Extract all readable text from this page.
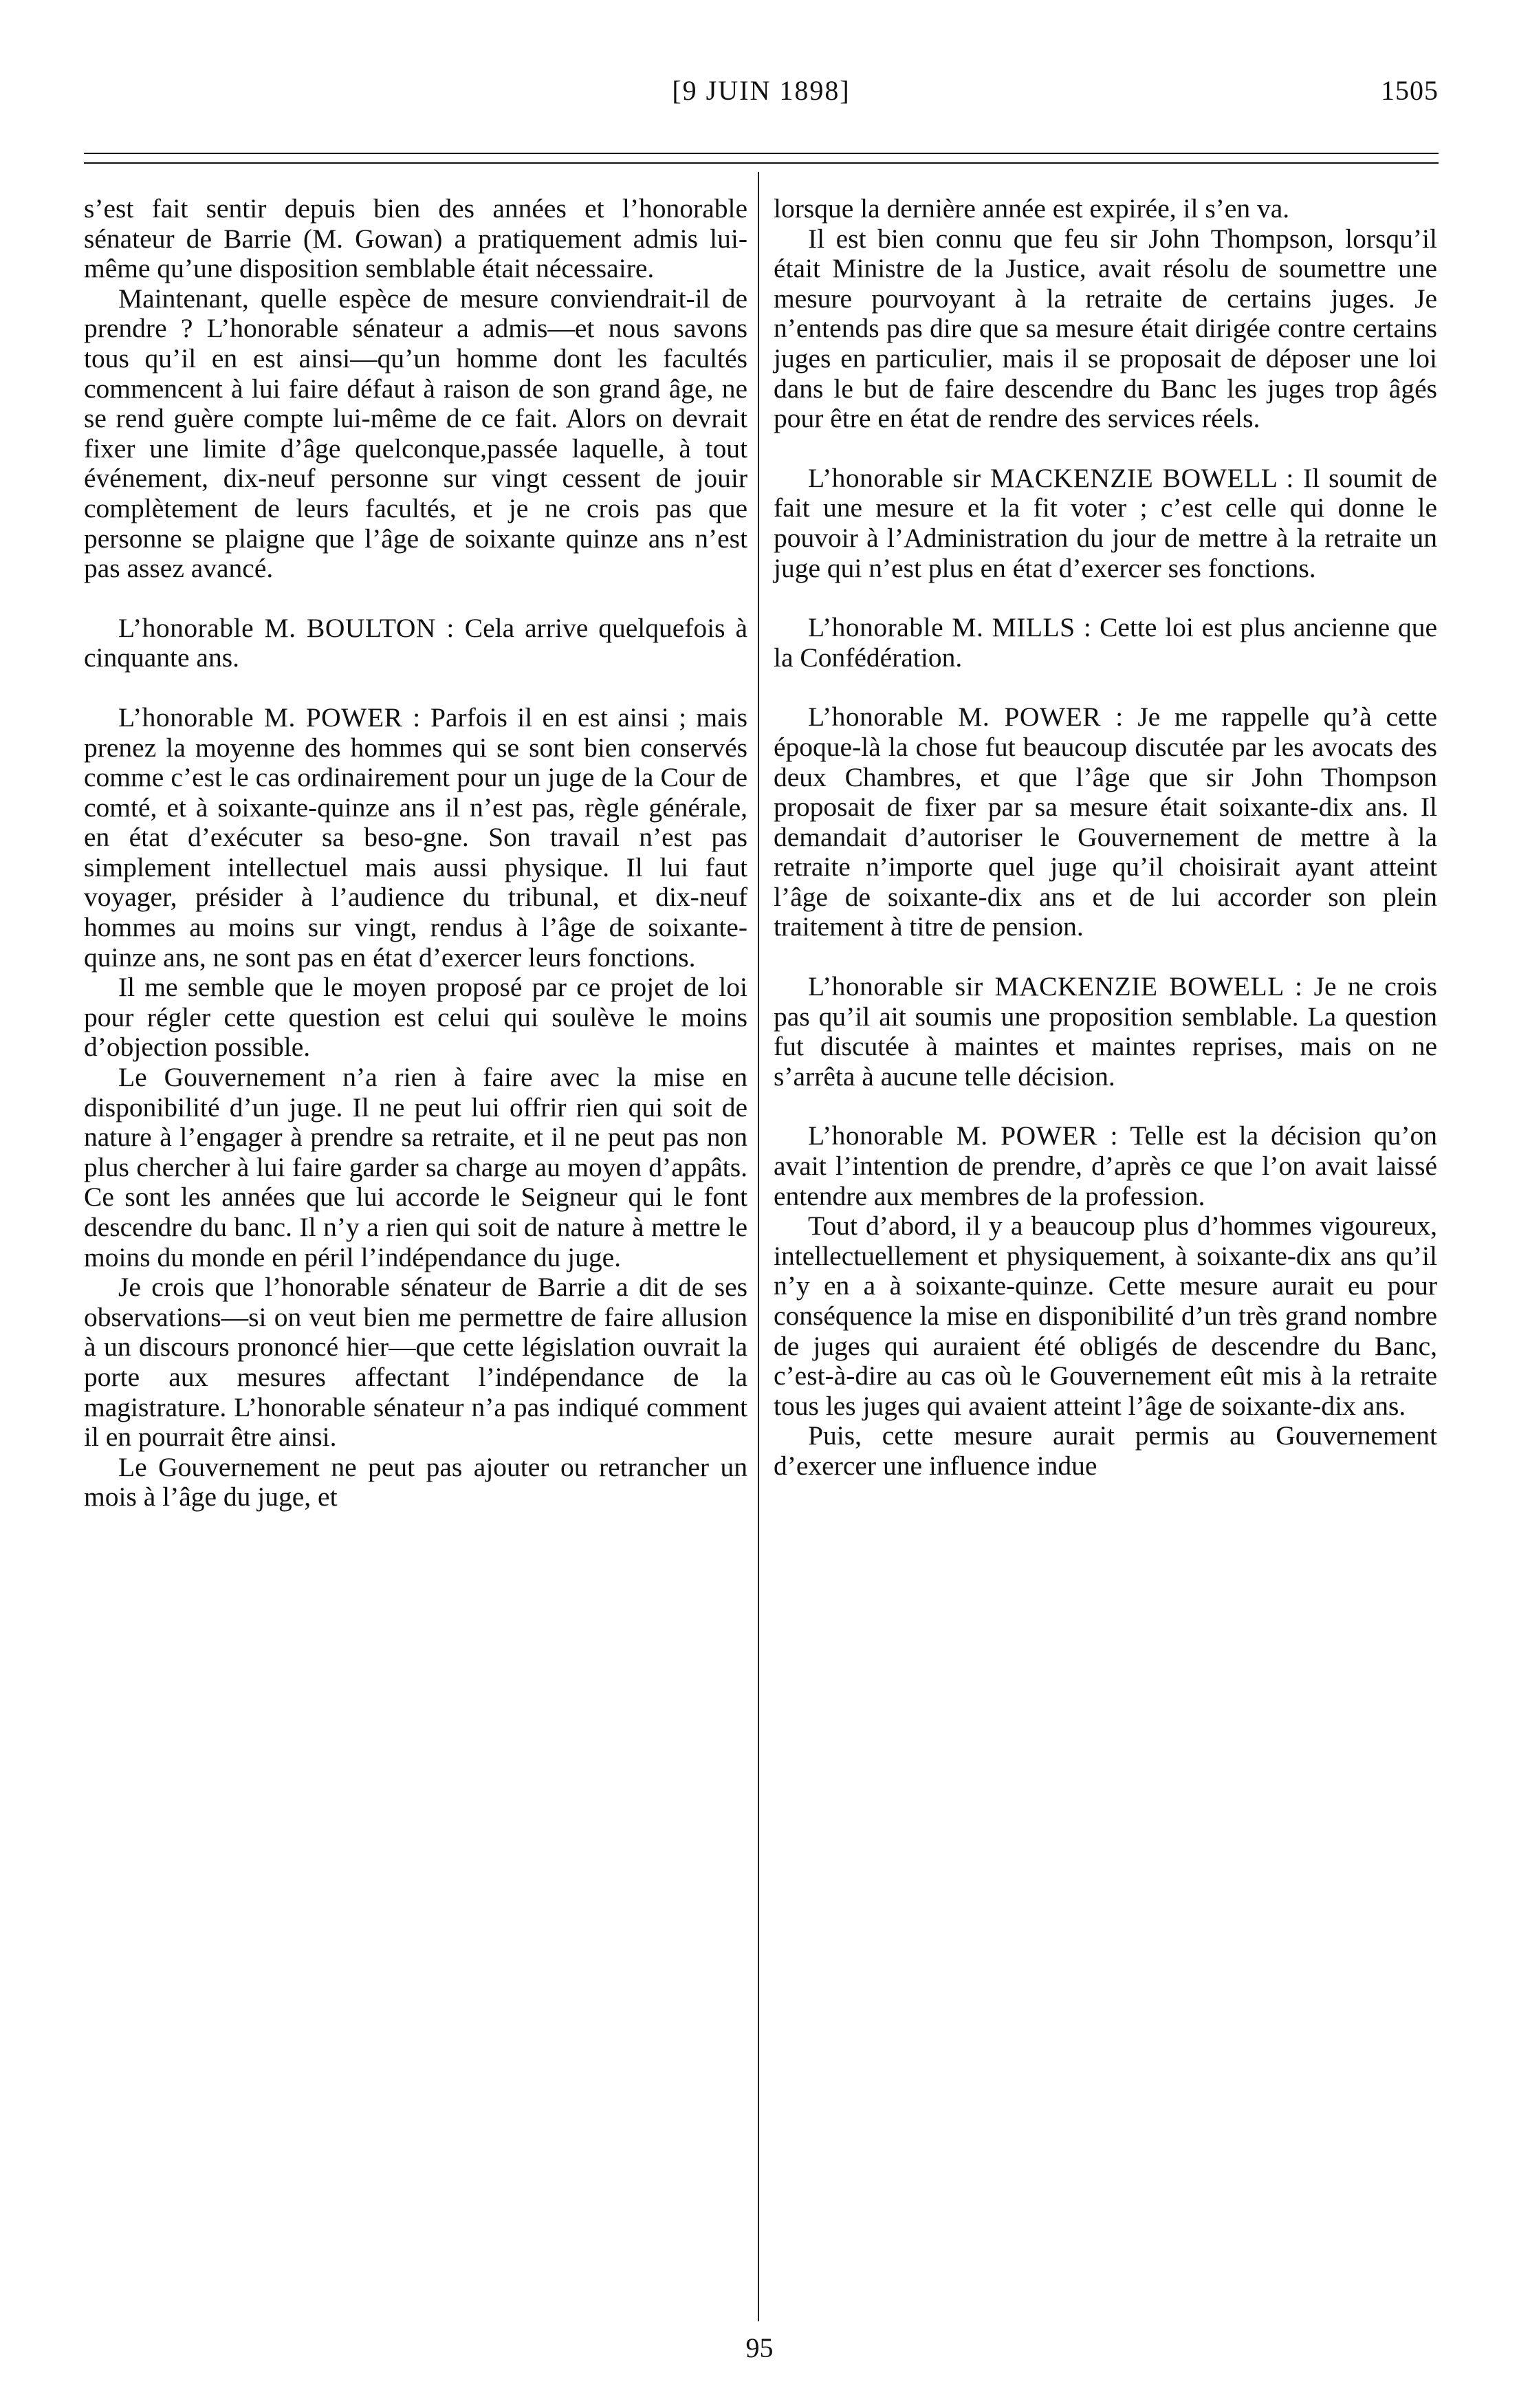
[9 JUIN 1898]	1505

s’est fait sentir depuis bien des années et l’honorable sénateur de Barrie (M. Gowan) a pratiquement admis lui-même qu’une disposition semblable était nécessaire.

Maintenant, quelle espèce de mesure conviendrait-il de prendre ? L’honorable sénateur a admis—et nous savons tous qu’il en est ainsi—qu’un homme dont les facultés commencent à lui faire défaut à raison de son grand âge, ne se rend guère compte lui-même de ce fait. Alors on devrait fixer une limite d’âge quelconque,passée laquelle, à tout événement, dix-neuf personne sur vingt cessent de jouir complètement de leurs facultés, et je ne crois pas que personne se plaigne que l’âge de soixante quinze ans n’est pas assez avancé.

L’honorable M. BOULTON : Cela arrive quelquefois à cinquante ans.

L’honorable M. POWER : Parfois il en est ainsi ; mais prenez la moyenne des hommes qui se sont bien conservés comme c’est le cas ordinairement pour un juge de la Cour de comté, et à soixante-quinze ans il n’est pas, règle générale, en état d’exécuter sa beso-gne. Son travail n’est pas simplement intellectuel mais aussi physique. Il lui faut voyager, présider à l’audience du tribunal, et dix-neuf hommes au moins sur vingt, rendus à l’âge de soixante-quinze ans, ne sont pas en état d’exercer leurs fonctions.

Il me semble que le moyen proposé par ce projet de loi pour régler cette question est celui qui soulève le moins d’objection possible.

Le Gouvernement n’a rien à faire avec la mise en disponibilité d’un juge. Il ne peut lui offrir rien qui soit de nature à l’engager à prendre sa retraite, et il ne peut pas non plus chercher à lui faire garder sa charge au moyen d’appâts. Ce sont les années que lui accorde le Seigneur qui le font descendre du banc. Il n’y a rien qui soit de nature à mettre le moins du monde en péril l’indépendance du juge.

Je crois que l’honorable sénateur de Barrie a dit de ses observations—si on veut bien me permettre de faire allusion à un discours prononcé hier—que cette législation ouvrait la porte aux mesures affectant l’indépendance de la magistrature. L’honorable sénateur n’a pas indiqué comment il en pourrait être ainsi.

Le Gouvernement ne peut pas ajouter ou retrancher un mois à l’âge du juge, et

lorsque la dernière année est expirée, il s’en va.

Il est bien connu que feu sir John Thompson, lorsqu’il était Ministre de la Justice, avait résolu de soumettre une mesure pourvoyant à la retraite de certains juges. Je n’entends pas dire que sa mesure était dirigée contre certains juges en particulier, mais il se proposait de déposer une loi dans le but de faire descendre du Banc les juges trop âgés pour être en état de rendre des services réels.

L’honorable sir MACKENZIE BOWELL : Il soumit de fait une mesure et la fit voter ; c’est celle qui donne le pouvoir à l’Administration du jour de mettre à la retraite un juge qui n’est plus en état d’exercer ses fonctions.

L’honorable M. MILLS : Cette loi est plus ancienne que la Confédération.

L’honorable M. POWER : Je me rappelle qu’à cette époque-là la chose fut beaucoup discutée par les avocats des deux Chambres, et que l’âge que sir John Thompson proposait de fixer par sa mesure était soixante-dix ans. Il demandait d’autoriser le Gouvernement de mettre à la retraite n’importe quel juge qu’il choisirait ayant atteint l’âge de soixante-dix ans et de lui accorder son plein traitement à titre de pension.

L’honorable sir MACKENZIE BOWELL : Je ne crois pas qu’il ait soumis une proposition semblable. La question fut discutée à maintes et maintes reprises, mais on ne s’arrêta à aucune telle décision.

L’honorable M. POWER : Telle est la décision qu’on avait l’intention de prendre, d’après ce que l’on avait laissé entendre aux membres de la profession.

Tout d’abord, il y a beaucoup plus d’hommes vigoureux, intellectuellement et physiquement, à soixante-dix ans qu’il n’y en a à soixante-quinze. Cette mesure aurait eu pour conséquence la mise en disponibilité d’un très grand nombre de juges qui auraient été obligés de descendre du Banc, c’est-à-dire au cas où le Gouvernement eût mis à la retraite tous les juges qui avaient atteint l’âge de soixante-dix ans.

Puis, cette mesure aurait permis au Gouvernement d’exercer une influence indue

95
